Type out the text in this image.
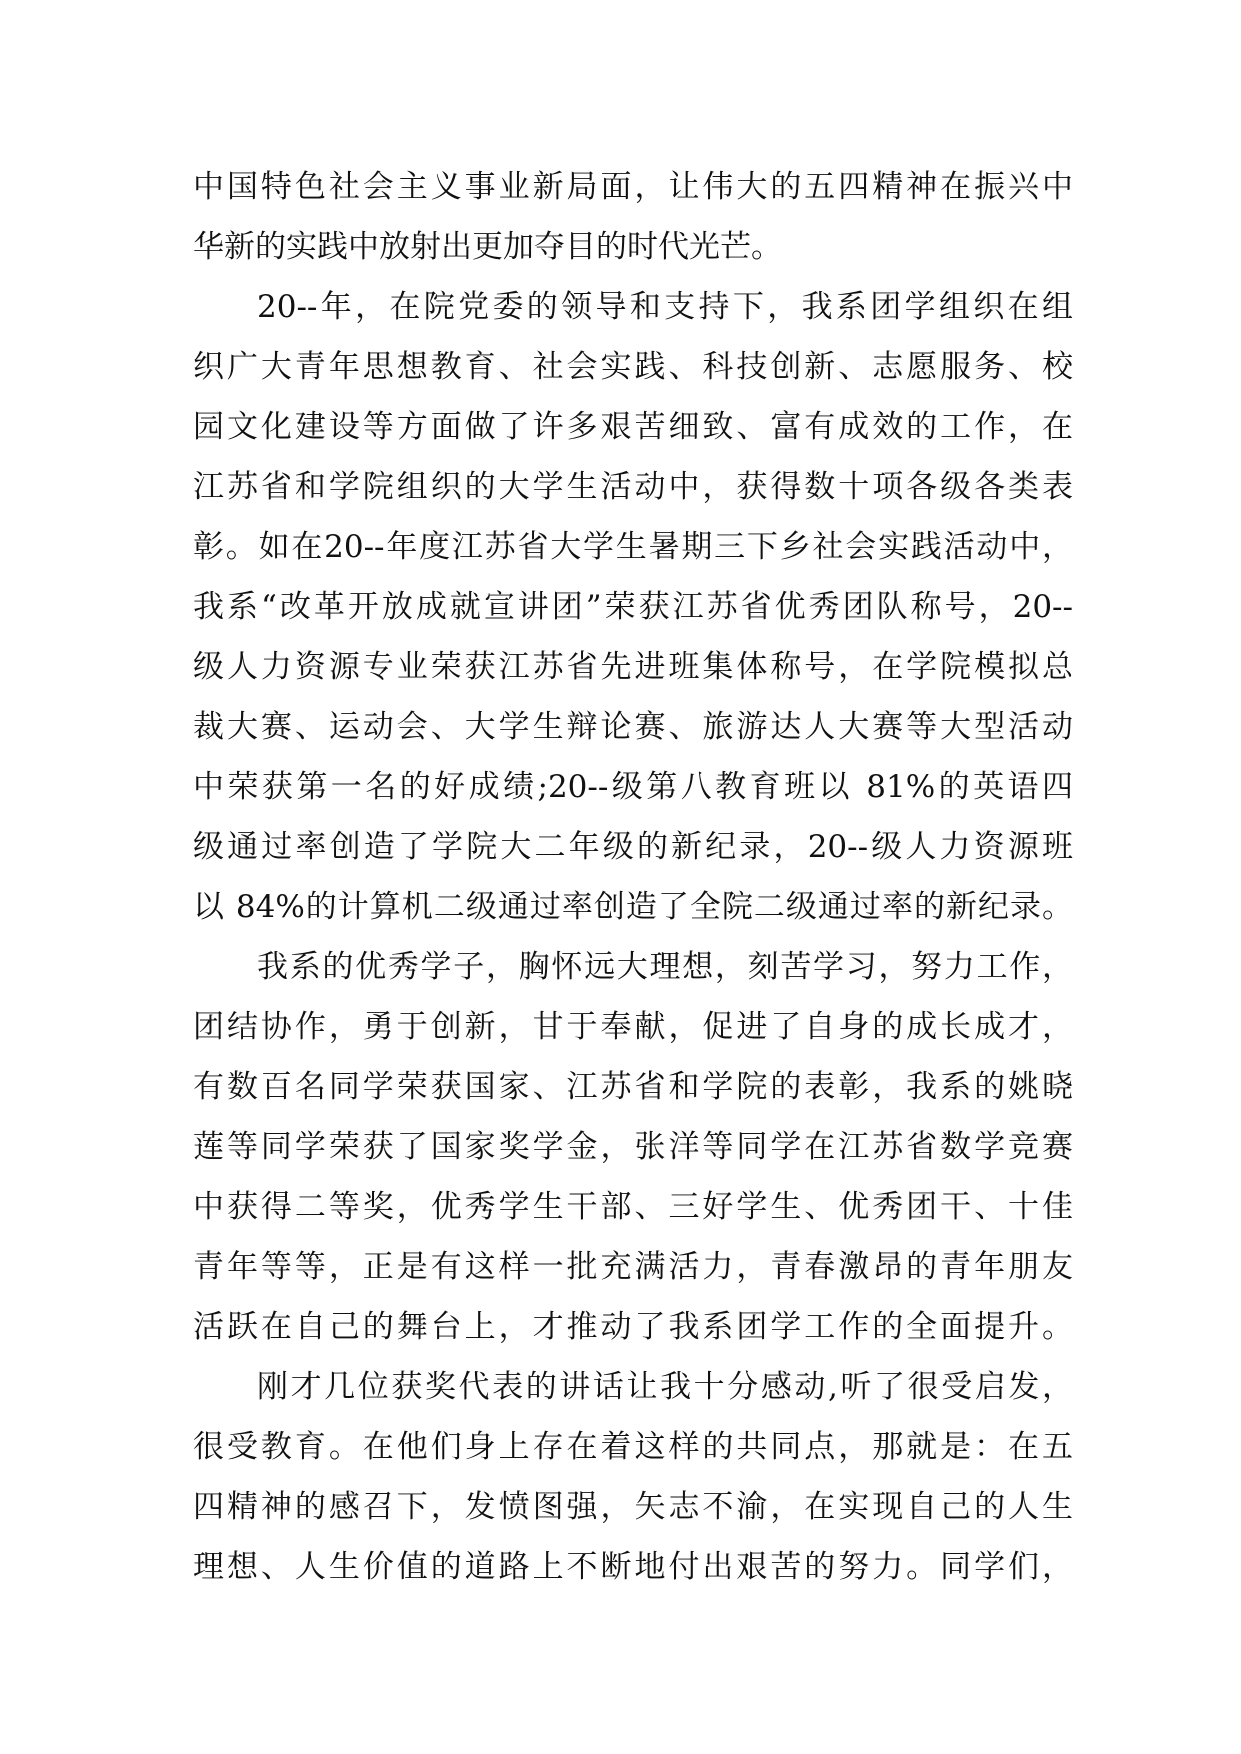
中国特色社会主义事业新局面，让伟大的五四精神在振兴中
华新的实践中放射出更加夺目的时代光芒。
20--年，在院党委的领导和支持下，我系团学组织在组
织广大青年思想教育、社会实践、科技创新、志愿服务、校
园文化建设等方面做了许多艰苦细致、富有成效的工作，在
江苏省和学院组织的大学生活动中，获得数十项各级各类表
彰。如在20--年度江苏省大学生暑期三下乡社会实践活动中，
我系“改革开放成就宣讲团”荣获江苏省优秀团队称号，20--
级人力资源专业荣获江苏省先进班集体称号，在学院模拟总
裁大赛、运动会、大学生辩论赛、旅游达人大赛等大型活动
中荣获第一名的好成绩;20--级第八教育班以 81%的英语四
级通过率创造了学院大二年级的新纪录，20--级人力资源班
以 84%的计算机二级通过率创造了全院二级通过率的新纪录。
我系的优秀学子，胸怀远大理想，刻苦学习，努力工作，
团结协作，勇于创新，甘于奉献，促进了自身的成长成才，
有数百名同学荣获国家、江苏省和学院的表彰，我系的姚晓
莲等同学荣获了国家奖学金，张洋等同学在江苏省数学竞赛
中获得二等奖，优秀学生干部、三好学生、优秀团干、十佳
青年等等，正是有这样一批充满活力，青春激昂的青年朋友
活跃在自己的舞台上，才推动了我系团学工作的全面提升。
刚才几位获奖代表的讲话让我十分感动,听了很受启发，
很受教育。在他们身上存在着这样的共同点，那就是：在五
四精神的感召下，发愤图强，矢志不渝，在实现自己的人生
理想、人生价值的道路上不断地付出艰苦的努力。同学们，
